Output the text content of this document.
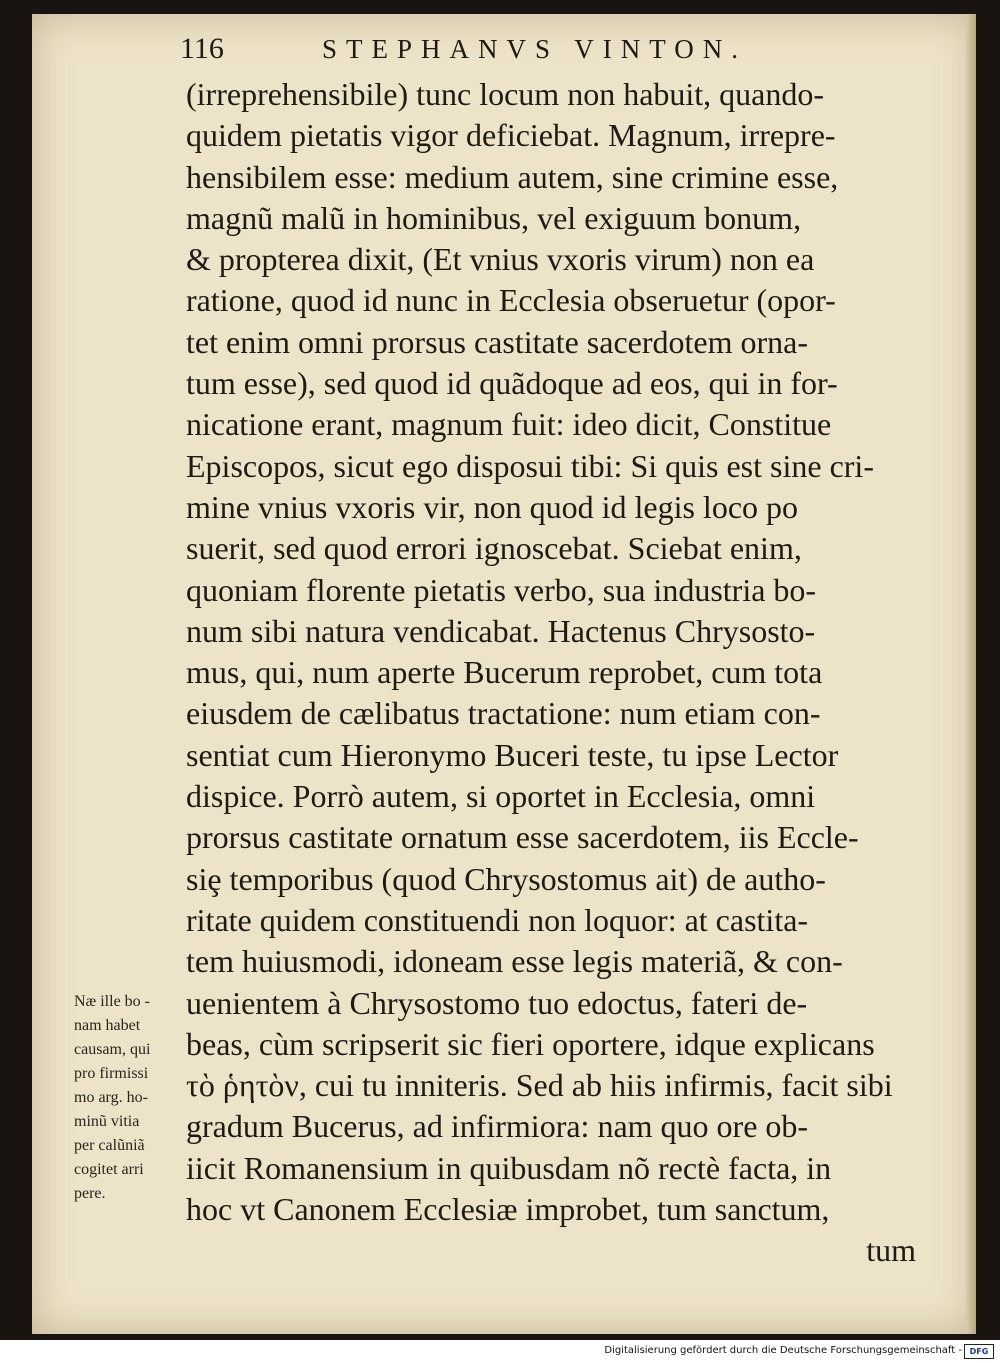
116	STEPHANVS VINTON.
(irreprehensibile) tunc locum non habuit, quando-
quidem pietatis vigor deficiebat. Magnum, irrepre-
hensibilem esse: medium autem, sine crimine esse,
magnũ malũ in hominibus, vel exiguum bonum,
& propterea dixit, (Et vnius vxoris virum) non ea
ratione, quod id nunc in Ecclesia obseruetur (opor-
tet enim omni prorsus castitate sacerdotem orna-
tum esse), sed quod id quãdoque ad eos, qui in for-
nicatione erant, magnum fuit: ideo dicit, Constitue
Episcopos, sicut ego disposui tibi: Si quis est sine cri-
mine vnius vxoris vir, non quod id legis loco po
suerit, sed quod errori ignoscebat. Sciebat enim,
quoniam florente pietatis verbo, sua industria bo-
num sibi natura vendicabat. Hactenus Chrysosto-
mus, qui, num aperte Bucerum reprobet, cum tota
eiusdem de cælibatus tractatione: num etiam con-
sentiat cum Hieronymo Buceri teste, tu ipse Lector
dispice. Porrò autem, si oportet in Ecclesia, omni
prorsus castitate ornatum esse sacerdotem, iis Eccle-
siȩ temporibus (quod Chrysostomus ait) de autho-
ritate quidem constituendi non loquor: at castita-
tem huiusmodi, idoneam esse legis materiã, & con-
uenientem à Chrysostomo tuo edoctus, fateri de-
beas, cùm scripserit sic fieri oportere, idque explicans
τὸ ῥητὸν, cui tu inniteris. Sed ab hiis infirmis, facit sibi
gradum Bucerus, ad infirmiora: nam quo ore ob-
iicit Romanensium in quibusdam nõ rectè facta, in
hoc vt Canonem Ecclesiæ improbet, tum sanctum,
tum
Næ ille bo -
nam habet
causam, qui
pro firmissi
mo arg. ho-
minũ vitia
per calũniã
cogitet arri
pere.
Digitalisierung gefördert durch die Deutsche Forschungsgemeinschaft - DFG
